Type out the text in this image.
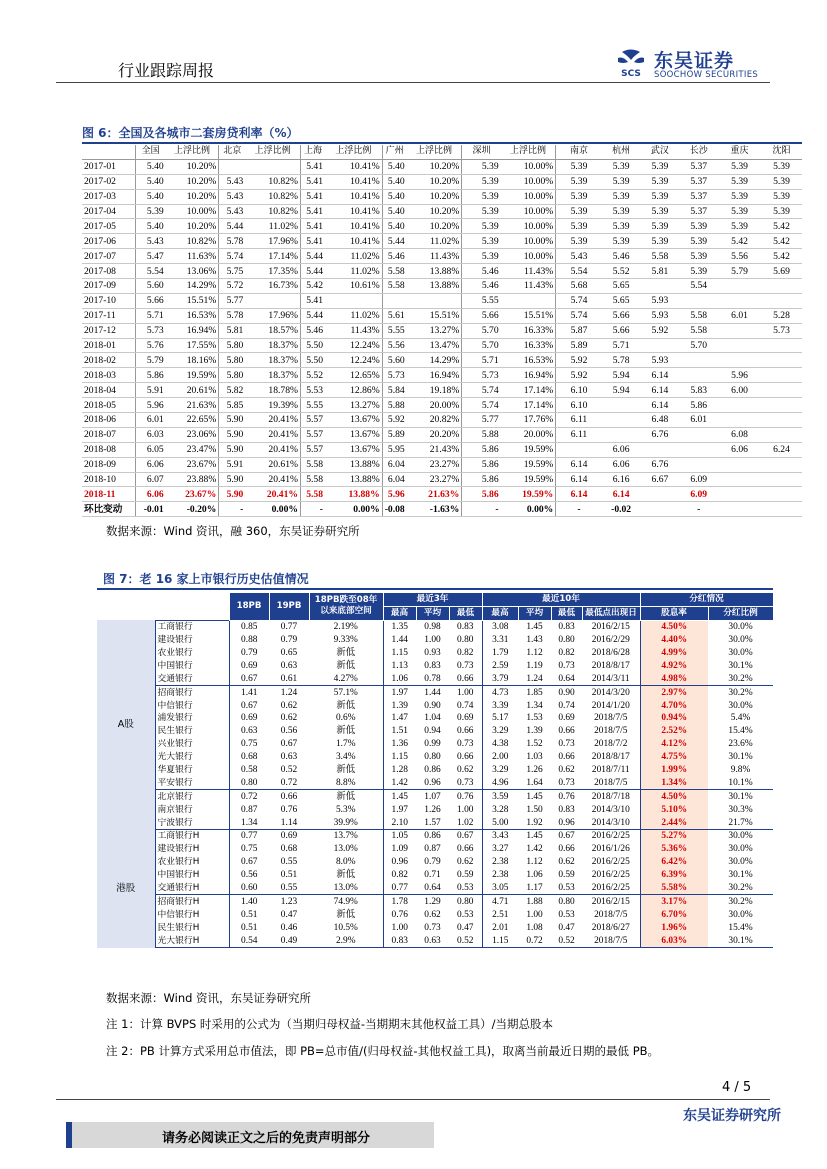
行业跟踪周报	SCS
东吴证券
SOOCHOW SECURITIES
图 6：全国及各城市二套房贷利率（%）
	全国	上浮比例	北京	上浮比例	上海	上浮比例	广州	上浮比例	深圳	上浮比例	南京	杭州	武汉	长沙	重庆	沈阳
2017-01	5.40	10.20%			5.41	10.41%	5.40	10.20%	5.39	10.00%	5.39	5.39	5.39	5.37	5.39	5.39
2017-02	5.40	10.20%	5.43	10.82%	5.41	10.41%	5.40	10.20%	5.39	10.00%	5.39	5.39	5.39	5.37	5.39	5.39
2017-03	5.40	10.20%	5.43	10.82%	5.41	10.41%	5.40	10.20%	5.39	10.00%	5.39	5.39	5.39	5.37	5.39	5.39
2017-04	5.39	10.00%	5.43	10.82%	5.41	10.41%	5.40	10.20%	5.39	10.00%	5.39	5.39	5.39	5.37	5.39	5.39
2017-05	5.40	10.20%	5.44	11.02%	5.41	10.41%	5.40	10.20%	5.39	10.00%	5.39	5.39	5.39	5.39	5.39	5.42
2017-06	5.43	10.82%	5.78	17.96%	5.41	10.41%	5.44	11.02%	5.39	10.00%	5.39	5.39	5.39	5.39	5.42	5.42
2017-07	5.47	11.63%	5.74	17.14%	5.44	11.02%	5.46	11.43%	5.39	10.00%	5.43	5.46	5.58	5.39	5.56	5.42
2017-08	5.54	13.06%	5.75	17.35%	5.44	11.02%	5.58	13.88%	5.46	11.43%	5.54	5.52	5.81	5.39	5.79	5.69
2017-09	5.60	14.29%	5.72	16.73%	5.42	10.61%	5.58	13.88%	5.46	11.43%	5.68	5.65		5.54		
2017-10	5.66	15.51%	5.77		5.41				5.55		5.74	5.65	5.93			
2017-11	5.71	16.53%	5.78	17.96%	5.44	11.02%	5.61	15.51%	5.66	15.51%	5.74	5.66	5.93	5.58	6.01	5.28
2017-12	5.73	16.94%	5.81	18.57%	5.46	11.43%	5.55	13.27%	5.70	16.33%	5.87	5.66	5.92	5.58		5.73
2018-01	5.76	17.55%	5.80	18.37%	5.50	12.24%	5.56	13.47%	5.70	16.33%	5.89	5.71		5.70		
2018-02	5.79	18.16%	5.80	18.37%	5.50	12.24%	5.60	14.29%	5.71	16.53%	5.92	5.78	5.93			
2018-03	5.86	19.59%	5.80	18.37%	5.52	12.65%	5.73	16.94%	5.73	16.94%	5.92	5.94	6.14		5.96	
2018-04	5.91	20.61%	5.82	18.78%	5.53	12.86%	5.84	19.18%	5.74	17.14%	6.10	5.94	6.14	5.83	6.00	
2018-05	5.96	21.63%	5.85	19.39%	5.55	13.27%	5.88	20.00%	5.74	17.14%	6.10		6.14	5.86		
2018-06	6.01	22.65%	5.90	20.41%	5.57	13.67%	5.92	20.82%	5.77	17.76%	6.11		6.48	6.01		
2018-07	6.03	23.06%	5.90	20.41%	5.57	13.67%	5.89	20.20%	5.88	20.00%	6.11		6.76		6.08	
2018-08	6.05	23.47%	5.90	20.41%	5.57	13.67%	5.95	21.43%	5.86	19.59%		6.06			6.06	6.24
2018-09	6.06	23.67%	5.91	20.61%	5.58	13.88%	6.04	23.27%	5.86	19.59%	6.14	6.06	6.76			
2018-10	6.07	23.88%	5.90	20.41%	5.58	13.88%	6.04	23.27%	5.86	19.59%	6.14	6.16	6.67	6.09		
2018-11	6.06	23.67%	5.90	20.41%	5.58	13.88%	5.96	21.63%	5.86	19.59%	6.14	6.14		6.09		
环比变动	-0.01	-0.20%	-	0.00%	-	0.00%	-0.08	-1.63%	-	0.00%	-	-0.02		-		
数据来源：Wind 资讯，融 360，东吴证券研究所
图 7：老 16 家上市银行历史估值情况
		18PB	19PB	18PB跌至08年以来底部空间	最近3年			最近10年				分红情况	
					最高	平均	最低	最高	平均	最低	最低点出现日	股息率	分红比例
A股	工商银行	0.85	0.77	2.19%	1.35	0.98	0.83	3.08	1.45	0.83	2016/2/15	4.50%	30.0%
	建设银行	0.88	0.79	9.33%	1.44	1.00	0.80	3.31	1.43	0.80	2016/2/29	4.40%	30.0%
	农业银行	0.79	0.65	新低	1.15	0.93	0.82	1.79	1.12	0.82	2018/6/28	4.99%	30.0%
	中国银行	0.69	0.63	新低	1.13	0.83	0.73	2.59	1.19	0.73	2018/8/17	4.92%	30.1%
	交通银行	0.67	0.61	4.27%	1.06	0.78	0.66	3.79	1.24	0.64	2014/3/11	4.98%	30.2%
	招商银行	1.41	1.24	57.1%	1.97	1.44	1.00	4.73	1.85	0.90	2014/3/20	2.97%	30.2%
	中信银行	0.67	0.62	新低	1.39	0.90	0.74	3.39	1.34	0.74	2014/1/20	4.70%	30.0%
	浦发银行	0.69	0.62	0.6%	1.47	1.04	0.69	5.17	1.53	0.69	2018/7/5	0.94%	5.4%
	民生银行	0.63	0.56	新低	1.51	0.94	0.66	3.29	1.39	0.66	2018/7/5	2.52%	15.4%
	兴业银行	0.75	0.67	1.7%	1.36	0.99	0.73	4.38	1.52	0.73	2018/7/2	4.12%	23.6%
	光大银行	0.68	0.63	3.4%	1.15	0.80	0.66	2.00	1.03	0.66	2018/8/17	4.75%	30.1%
	华夏银行	0.58	0.52	新低	1.28	0.86	0.62	3.29	1.26	0.62	2018/7/11	1.99%	9.8%
	平安银行	0.80	0.72	8.8%	1.42	0.96	0.73	4.96	1.64	0.73	2018/7/5	1.34%	10.1%
	北京银行	0.72	0.66	新低	1.45	1.07	0.76	3.59	1.45	0.76	2018/7/18	4.50%	30.1%
	南京银行	0.87	0.76	5.3%	1.97	1.26	1.00	3.28	1.50	0.83	2014/3/10	5.10%	30.3%
	宁波银行	1.34	1.14	39.9%	2.10	1.57	1.02	5.00	1.92	0.96	2014/3/10	2.44%	21.7%
港股	工商银行H	0.77	0.69	13.7%	1.05	0.86	0.67	3.43	1.45	0.67	2016/2/25	5.27%	30.0%
	建设银行H	0.75	0.68	13.0%	1.09	0.87	0.66	3.27	1.42	0.66	2016/1/26	5.36%	30.0%
	农业银行H	0.67	0.55	8.0%	0.96	0.79	0.62	2.38	1.12	0.62	2016/2/25	6.42%	30.0%
	中国银行H	0.56	0.51	新低	0.82	0.71	0.59	2.38	1.06	0.59	2016/2/25	6.39%	30.1%
	交通银行H	0.60	0.55	13.0%	0.77	0.64	0.53	3.05	1.17	0.53	2016/2/25	5.58%	30.2%
	招商银行H	1.40	1.23	74.9%	1.78	1.29	0.80	4.71	1.88	0.80	2016/2/15	3.17%	30.2%
	中信银行H	0.51	0.47	新低	0.76	0.62	0.53	2.51	1.00	0.53	2018/7/5	6.70%	30.0%
	民生银行H	0.51	0.46	10.5%	1.00	0.73	0.47	2.01	1.08	0.47	2018/6/27	1.96%	15.4%
	光大银行H	0.54	0.49	2.9%	0.83	0.63	0.52	1.15	0.72	0.52	2018/7/5	6.03%	30.1%
数据来源：Wind 资讯，东吴证券研究所
注 1：计算 BVPS 时采用的公式为（当期归母权益-当期期末其他权益工具）/当期总股本
注 2：PB 计算方式采用总市值法，即 PB=总市值/(归母权益-其他权益工具)，取离当前最近日期的最低 PB。
4 / 5
东吴证券研究所
请务必阅读正文之后的免责声明部分
